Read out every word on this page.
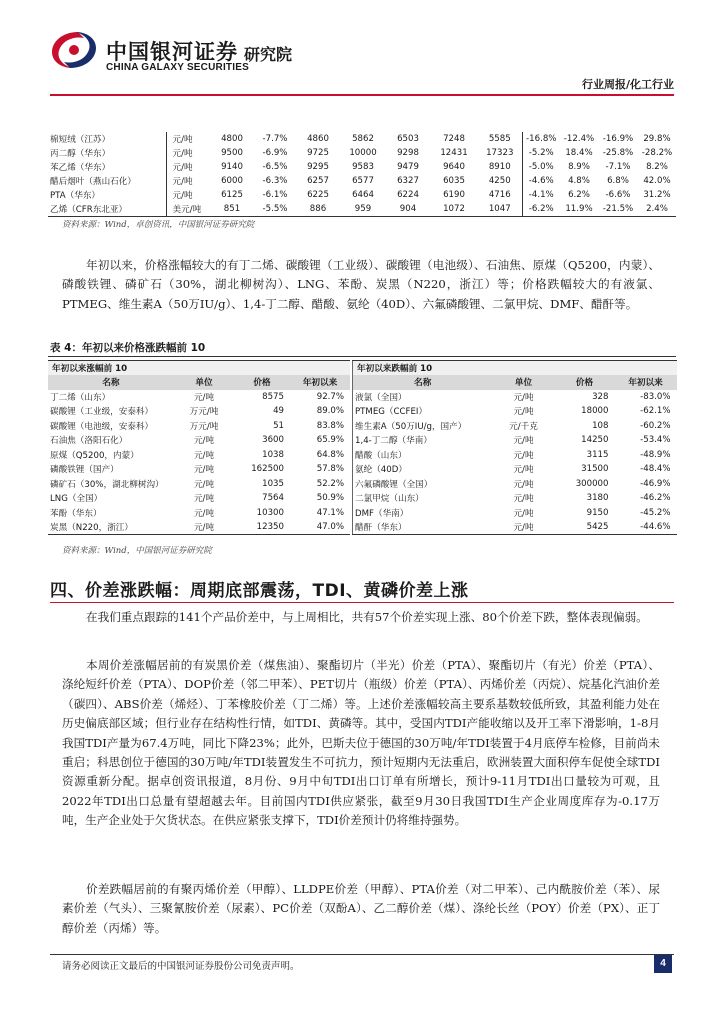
中国银河证券
CHINA GALAXY SECURITIES
研究院
行业周报/化工行业
棉短绒（江苏）	元/吨	4800	-7.7%	4860	5862	6503	7248	5585	-16.8%	-12.4%	-16.9%	29.8%
丙二醇（华东）	元/吨	9500	-6.9%	9725	10000	9298	12431	17323	-5.2%	18.4%	-25.8%	-28.2%
苯乙烯（华东）	元/吨	9140	-6.5%	9295	9583	9479	9640	8910	-5.0%	8.9%	-7.1%	8.2%
醋后烟叶（燕山石化）	元/吨	6000	-6.3%	6257	6577	6327	6035	4250	-4.6%	4.8%	6.8%	42.0%
PTA（华东）	元/吨	6125	-6.1%	6225	6464	6224	6190	4716	-4.1%	6.2%	-6.6%	31.2%
乙烯（CFR东北亚）	美元/吨	851	-5.5%	886	959	904	1072	1047	-6.2%	11.9%	-21.5%	2.4%
资料来源：Wind，卓创资讯，中国银河证券研究院
年初以来，价格涨幅较大的有丁二烯、碳酸锂（工业级）、碳酸锂（电池级）、石油焦、原煤（Q5200，内蒙）、磷酸铁锂、磷矿石（30%，湖北柳树沟）、LNG、苯酚、炭黑（N220，浙江）等；价格跌幅较大的有液氯、PTMEG、维生素A（50万IU/g）、1,4-丁二醇、醋酸、氨纶（40D）、六氟磷酸锂、二氯甲烷、DMF、醋酐等。
表 4：年初以来价格涨跌幅前 10
年初以来涨幅前 10			
名称	单位	价格	年初以来
丁二烯（山东）	元/吨	8575	92.7%
碳酸锂（工业级，安泰科）	万元/吨	49	89.0%
碳酸锂（电池级，安泰科）	万元/吨	51	83.8%
石油焦（洛阳石化）	元/吨	3600	65.9%
原煤（Q5200，内蒙）	元/吨	1038	64.8%
磷酸铁锂（国产）	元/吨	162500	57.8%
磷矿石（30%，湖北柳树沟）	元/吨	1035	52.2%
LNG（全国）	元/吨	7564	50.9%
苯酚（华东）	元/吨	10300	47.1%
炭黑（N220，浙江）	元/吨	12350	47.0%
年初以来跌幅前 10			
名称	单位	价格	年初以来
液氯（全国）	元/吨	328	-83.0%
PTMEG（CCFEI）	元/吨	18000	-62.1%
维生素A（50万IU/g，国产）	元/千克	108	-60.2%
1,4-丁二醇（华南）	元/吨	14250	-53.4%
醋酸（山东）	元/吨	3115	-48.9%
氨纶（40D）	元/吨	31500	-48.4%
六氟磷酸锂（全国）	元/吨	300000	-46.9%
二氯甲烷（山东）	元/吨	3180	-46.2%
DMF（华南）	元/吨	9150	-45.2%
醋酐（华东）	元/吨	5425	-44.6%
资料来源：Wind，中国银河证券研究院
四、价差涨跌幅：周期底部震荡，TDI、黄磷价差上涨
在我们重点跟踪的141个产品价差中，与上周相比，共有57个价差实现上涨、80个价差下跌，整体表现偏弱。
本周价差涨幅居前的有炭黑价差（煤焦油）、聚酯切片（半光）价差（PTA）、聚酯切片（有光）价差（PTA）、涤纶短纤价差（PTA）、DOP价差（邻二甲苯）、PET切片（瓶级）价差（PTA）、丙烯价差（丙烷）、烷基化汽油价差（碳四）、ABS价差（烯烃）、丁苯橡胶价差（丁二烯）等。上述价差涨幅较高主要系基数较低所致，其盈利能力处在历史偏底部区域；但行业存在结构性行情，如TDI、黄磷等。其中，受国内TDI产能收缩以及开工率下滑影响，1-8月我国TDI产量为67.4万吨，同比下降23%；此外，巴斯夫位于德国的30万吨/年TDI装置于4月底停车检修，目前尚未重启；科思创位于德国的30万吨/年TDI装置发生不可抗力，预计短期内无法重启，欧洲装置大面积停车促使全球TDI资源重新分配。据卓创资讯报道，8月份、9月中旬TDI出口订单有所增长，预计9-11月TDI出口量较为可观，且2022年TDI出口总量有望超越去年。目前国内TDI供应紧张，截至9月30日我国TDI生产企业周度库存为-0.17万吨，生产企业处于欠货状态。在供应紧张支撑下，TDI价差预计仍将维持强势。
价差跌幅居前的有聚丙烯价差（甲醇）、LLDPE价差（甲醇）、PTA价差（对二甲苯）、己内酰胺价差（苯）、尿素价差（气头）、三聚氰胺价差（尿素）、PC价差（双酚A）、乙二醇价差（煤）、涤纶长丝（POY）价差（PX）、正丁醇价差（丙烯）等。
请务必阅读正文最后的中国银河证券股份公司免责声明。	4
